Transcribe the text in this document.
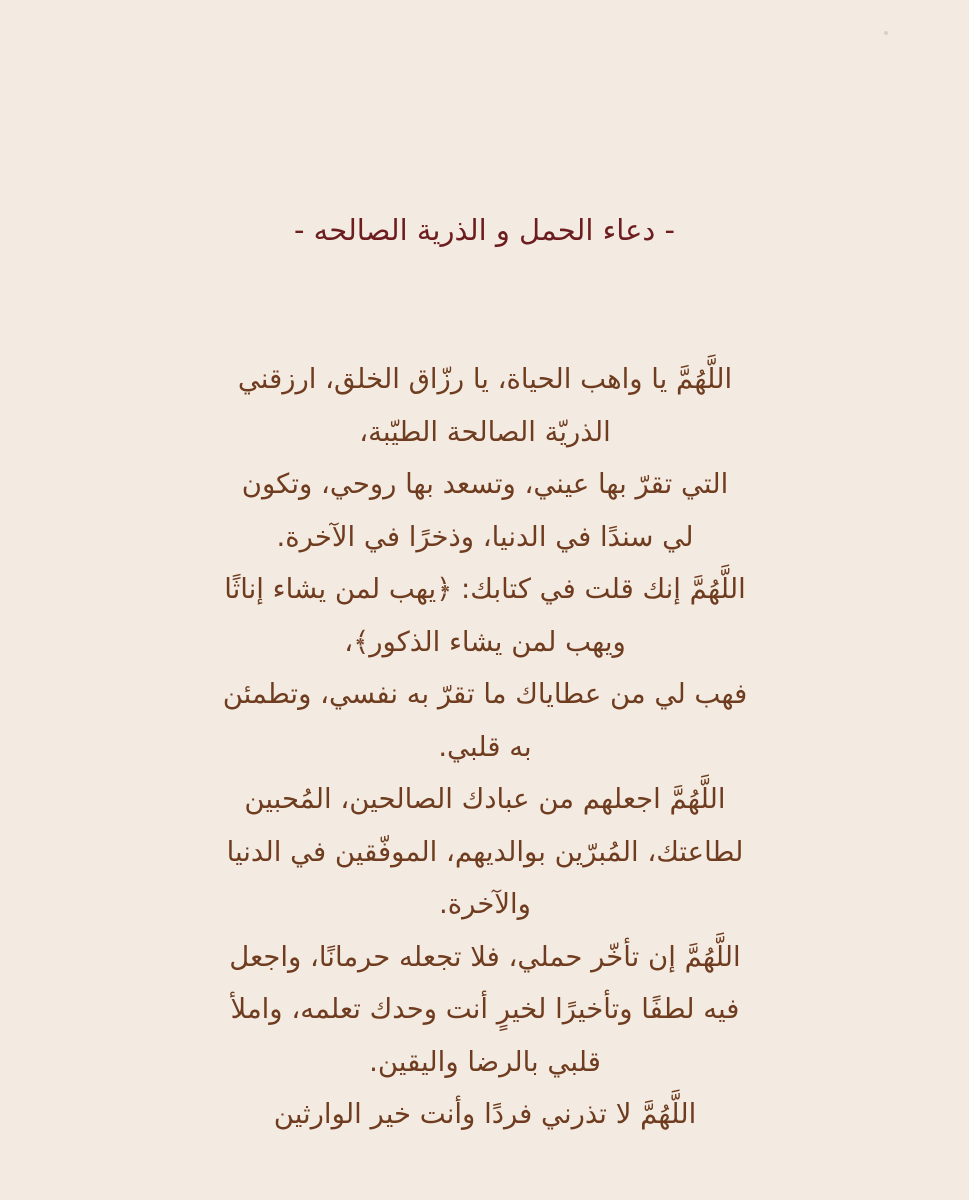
- دعاء الحمل و الذرية الصالحه -
اللَّهُمَّ يا واهب الحياة، يا رزّاق الخلق، ارزقني
الذريّة الصالحة الطيّبة،
التي تقرّ بها عيني، وتسعد بها روحي، وتكون
لي سندًا في الدنيا، وذخرًا في الآخرة.
اللَّهُمَّ إنك قلت في كتابك: ﴿يهب لمن يشاء إناثًا
ويهب لمن يشاء الذكور﴾،
فهب لي من عطاياك ما تقرّ به نفسي، وتطمئن
به قلبي.
اللَّهُمَّ اجعلهم من عبادك الصالحين، المُحبين
لطاعتك، المُبرّين بوالديهم، الموفّقين في الدنيا
والآخرة.
اللَّهُمَّ إن تأخّر حملي، فلا تجعله حرمانًا، واجعل
فيه لطفًا وتأخيرًا لخيرٍ أنت وحدك تعلمه، واملأ
قلبي بالرضا واليقين.
اللَّهُمَّ لا تذرني فردًا وأنت خير الوارثين
